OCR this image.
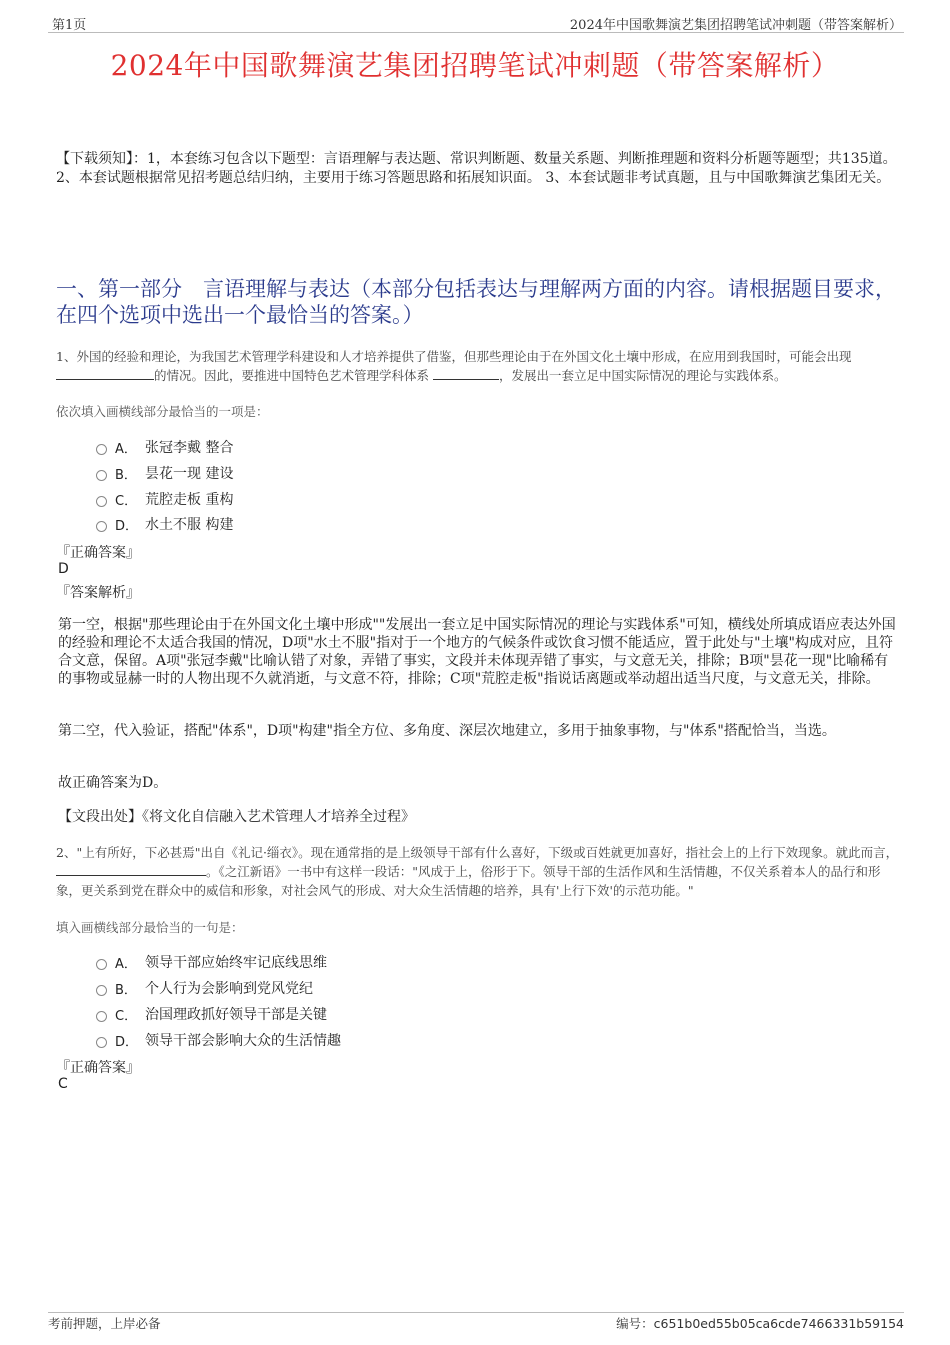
第1页	2024年中国歌舞演艺集团招聘笔试冲刺题（带答案解析）
2024年中国歌舞演艺集团招聘笔试冲刺题（带答案解析）
【下载须知】：1，本套练习包含以下题型：言语理解与表达题、常识判断题、数量关系题、判断推理题和资料分析题等题型；共135道。 2、本套试题根据常见招考题总结归纳，主要用于练习答题思路和拓展知识面。 3、本套试题非考试真题，且与中国歌舞演艺集团无关。
一、第一部分　言语理解与表达（本部分包括表达与理解两方面的内容。请根据题目要求，在四个选项中选出一个最恰当的答案。）
1、外国的经验和理论，为我国艺术管理学科建设和人才培养提供了借鉴，但那些理论由于在外国文化土壤中形成，在应用到我国时，可能会出现的情况。因此，要推进中国特色艺术管理学科体系	，发展出一套立足中国实际情况的理论与实践体系。
依次填入画横线部分最恰当的一项是：
A． 张冠李戴 整合
B． 昙花一现 建设
C． 荒腔走板 重构
D． 水土不服 构建
『正确答案』
D
『答案解析』
第一空，根据"那些理论由于在外国文化土壤中形成""发展出一套立足中国实际情况的理论与实践体系"可知，横线处所填成语应表达外国的经验和理论不太适合我国的情况，D项"水土不服"指对于一个地方的气候条件或饮食习惯不能适应，置于此处与"土壤"构成对应，且符合文意，保留。A项"张冠李戴"比喻认错了对象，弄错了事实，文段并未体现弄错了事实，与文意无关，排除；B项"昙花一现"比喻稀有的事物或显赫一时的人物出现不久就消逝，与文意不符，排除；C项"荒腔走板"指说话离题或举动超出适当尺度，与文意无关，排除。
第二空，代入验证，搭配"体系"，D项"构建"指全方位、多角度、深层次地建立，多用于抽象事物，与"体系"搭配恰当，当选。
故正确答案为D。
【文段出处】《将文化自信融入艺术管理人才培养全过程》
2、"上有所好，下必甚焉"出自《礼记·缁衣》。现在通常指的是上级领导干部有什么喜好，下级或百姓就更加喜好，指社会上的上行下效现象。就此而言， 。《之江新语》一书中有这样一段话："风成于上，俗形于下。领导干部的生活作风和生活情趣，不仅关系着本人的品行和形象，更关系到党在群众中的威信和形象，对社会风气的形成、对大众生活情趣的培养，具有'上行下效'的示范功能。"
填入画横线部分最恰当的一句是：
A． 领导干部应始终牢记底线思维
B． 个人行为会影响到党风党纪
C． 治国理政抓好领导干部是关键
D． 领导干部会影响大众的生活情趣
『正确答案』
C
考前押题，上岸必备	编号：c651b0ed55b05ca6cde7466331b59154
